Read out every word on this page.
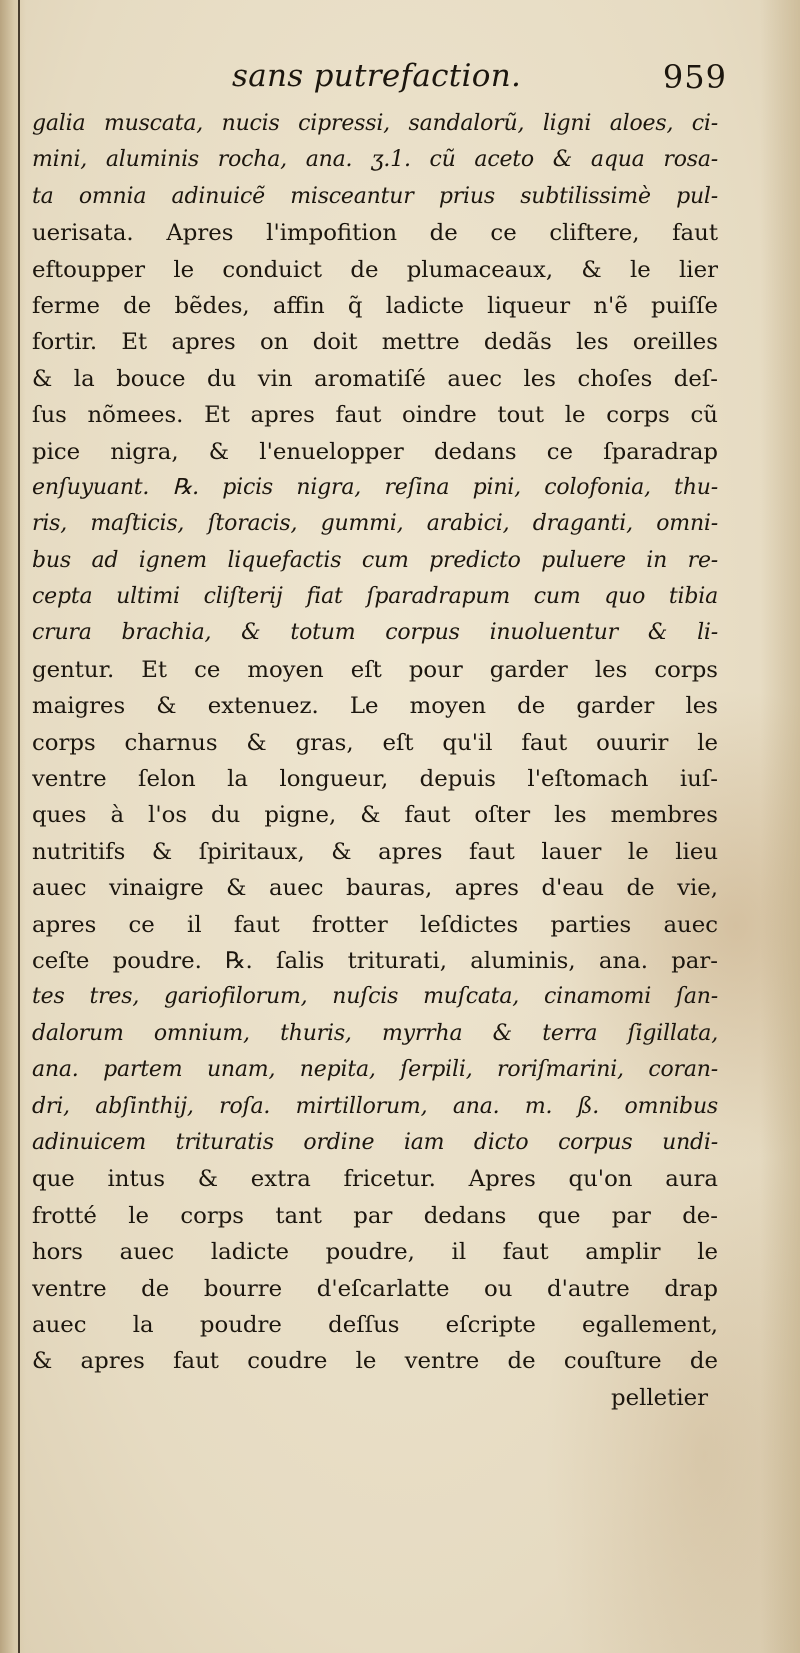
sans putrefaction.	959
galia muscata, nucis cipressi, sandalorũ, ligni aloes, ci-
mini, aluminis rocha, ana. ʒ.1. cũ aceto & aqua rosa-
ta omnia adinuicẽ misceantur prius subtilissimè pul-
uerisata. Apres l'impofition de ce cliftere, faut
eftoupper le conduict de plumaceaux, & le lier
ferme de bẽdes, affin q̃ ladicte liqueur n'ẽ puiſſe
fortir. Et apres on doit mettre dedãs les oreilles
& la bouce du vin aromatiſé auec les choſes deſ-
ſus nõmees. Et apres faut oindre tout le corps cũ
pice nigra, & l'enuelopper dedans ce ſparadrap
enſuyuant. ℞. picis nigra, reſina pini, colofonia, thu-
ris, maſticis, ſtoracis, gummi, arabici, draganti, omni-
bus ad ignem liquefactis cum predicto puluere in re-
cepta ultimi cliſterij fiat ſparadrapum cum quo tibia
crura brachia, & totum corpus inuoluentur & li-
gentur. Et ce moyen eſt pour garder les corps
maigres & extenuez. Le moyen de garder les
corps charnus & gras, eſt qu'il faut ouurir le
ventre ſelon la longueur, depuis l'eſtomach iuſ-
ques à l'os du pigne, & faut oſter les membres
nutritifs & ſpiritaux, & apres faut lauer le lieu
auec vinaigre & auec bauras, apres d'eau de vie,
apres ce il faut frotter leſdictes parties auec
ceſte poudre. ℞. ſalis triturati, aluminis, ana. par-
tes tres, gariofilorum, nuſcis muſcata, cinamomi ſan-
dalorum omnium, thuris, myrrha & terra ſigillata,
ana. partem unam, nepita, ſerpili, roriſmarini, coran-
dri, abſinthij, roſa. mirtillorum, ana. m. ß. omnibus
adinuicem trituratis ordine iam dicto corpus undi-
que intus & extra fricetur. Apres qu'on aura
frotté le corps tant par dedans que par de-
hors auec ladicte poudre, il faut amplir le
ventre de bourre d'eſcarlatte ou d'autre drap
auec la poudre deſſus eſcripte egallement,
& apres faut coudre le ventre de couſture de
pelletier
